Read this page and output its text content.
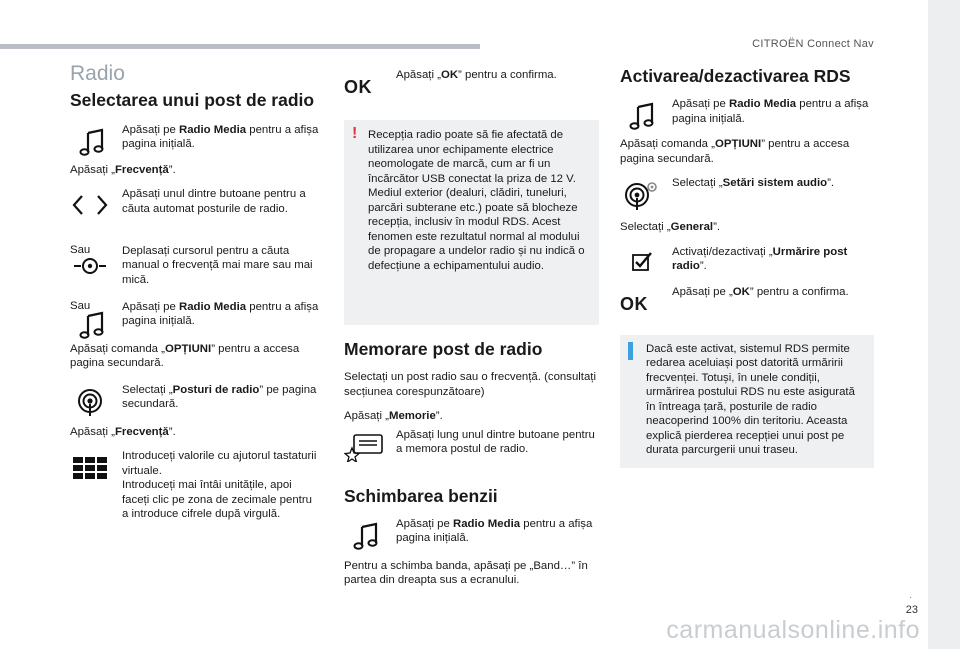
CITROËN Connect Nav
.
23
carmanualsonline.info
Radio
Selectarea unui post de radio
Apăsați pe Radio Media pentru a afișa pagina inițială.
Apăsați „Frecvență”.
Apăsați unul dintre butoane pentru a căuta automat posturile de radio.
Sau	Deplasați cursorul pentru a căuta manual o frecvență mai mare sau mai mică.
Sau	Apăsați pe Radio Media pentru a afișa pagina inițială.
Apăsați comanda „OPȚIUNI” pentru a accesa pagina secundară.
Selectați „Posturi de radio” pe pagina secundară.
Apăsați „Frecvență”.
Introduceți valorile cu ajutorul tastaturii virtuale.
Introduceți mai întâi unitățile, apoi faceți clic pe zona de zecimale pentru a introduce cifrele după virgulă.
OK
Apăsați „OK” pentru a confirma.
! Recepția radio poate să fie afectată de utilizarea unor echipamente electrice neomologate de marcă, cum ar fi un încărcător USB conectat la priza de 12 V. Mediul exterior (dealuri, clădiri, tuneluri, parcări subterane etc.) poate să blocheze recepția, inclusiv în modul RDS. Acest fenomen este rezultatul normal al modului de propagare a undelor radio și nu indică o defecțiune a echipamentului audio.
Memorare post de radio
Selectați un post radio sau o frecvență. (consultați secțiunea corespunzătoare)
Apăsați „Memorie”.
Apăsați lung unul dintre butoane pentru a memora postul de radio.
Schimbarea benzii
Apăsați pe Radio Media pentru a afișa pagina inițială.
Pentru a schimba banda, apăsați pe „Band…” în partea din dreapta sus a ecranului.
Activarea/dezactivarea RDS
Apăsați pe Radio Media pentru a afișa pagina inițială.
Apăsați comanda „OPȚIUNI” pentru a accesa pagina secundară.
Selectați „Setări sistem audio”.
Selectați „General”.
Activați/dezactivați „Urmărire post radio”.
OK
Apăsați pe „OK” pentru a confirma.
Dacă este activat, sistemul RDS permite redarea aceluiași post datorită urmăririi frecvenței. Totuși, în unele condiții, urmărirea postului RDS nu este asigurată în întreaga țară, posturile de radio neacoperind 100% din teritoriu. Aceasta explică pierderea recepției unui post pe durata parcurgerii unui traseu.
